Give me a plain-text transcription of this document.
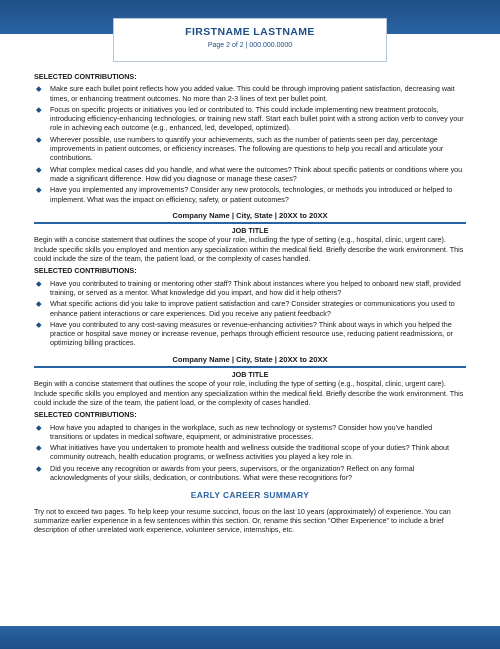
FIRSTNAME LASTNAME
Page 2 of 2 | 000.000.0000
SELECTED CONTRIBUTIONS:
Make sure each bullet point reflects how you added value. This could be through improving patient satisfaction, decreasing wait times, or enhancing treatment outcomes. No more than 2-3 lines of text per bullet point.
Focus on specific projects or initiatives you led or contributed to. This could include implementing new treatment protocols, introducing efficiency-enhancing technologies, or training new staff. Start each bullet point with a strong action verb to convey your role in achieving each outcome (e.g., enhanced, led, developed, optimized).
Wherever possible, use numbers to quantify your achievements, such as the number of patients seen per day, percentage improvements in patient outcomes, or efficiency increases. The following are questions to help you recall and articulate your contributions.
What complex medical cases did you handle, and what were the outcomes? Think about specific patients or conditions where you made a significant difference. How did you diagnose or manage these cases?
Have you implemented any improvements? Consider any new protocols, technologies, or methods you introduced or helped to implement. What was the impact on efficiency, safety, or patient outcomes?
Company Name | City, State | 20XX to 20XX
JOB TITLE
Begin with a concise statement that outlines the scope of your role, including the type of setting (e.g., hospital, clinic, urgent care). Include specific skills you employed and mention any specialization within the medical field. Briefly describe the work environment. This could include the size of the team, the patient load, or the complexity of cases handled.
SELECTED CONTRIBUTIONS:
Have you contributed to training or mentoring other staff? Think about instances where you helped to onboard new staff, provided training, or served as a mentor. What knowledge did you impart, and how did it help others?
What specific actions did you take to improve patient satisfaction and care? Consider strategies or communications you used to enhance patient interactions or care experiences. Did you receive any patient feedback?
Have you contributed to any cost-saving measures or revenue-enhancing activities? Think about ways in which you helped the practice or hospital save money or increase revenue, perhaps through efficient resource use, reducing patient readmissions, or optimizing billing practices.
Company Name | City, State | 20XX to 20XX
JOB TITLE
Begin with a concise statement that outlines the scope of your role, including the type of setting (e.g., hospital, clinic, urgent care). Include specific skills you employed and mention any specialization within the medical field. Briefly describe the work environment. This could include the size of the team, the patient load, or the complexity of cases handled.
SELECTED CONTRIBUTIONS:
How have you adapted to changes in the workplace, such as new technology or systems? Consider how you've handled transitions or updates in medical software, equipment, or administrative processes.
What initiatives have you undertaken to promote health and wellness outside the traditional scope of your duties? Think about community outreach, health education programs, or wellness activities you played a key role in.
Did you receive any recognition or awards from your peers, supervisors, or the organization? Reflect on any formal acknowledgments of your skills, dedication, or contributions. What were these recognitions for?
EARLY CAREER SUMMARY
Try not to exceed two pages. To help keep your resume succinct, focus on the last 10 years (approximately) of experience. You can summarize earlier experience in a few sentences within this section. Or, rename this section "Other Experience" to include a brief description of other unrelated work experience, volunteer service, internships, etc.
